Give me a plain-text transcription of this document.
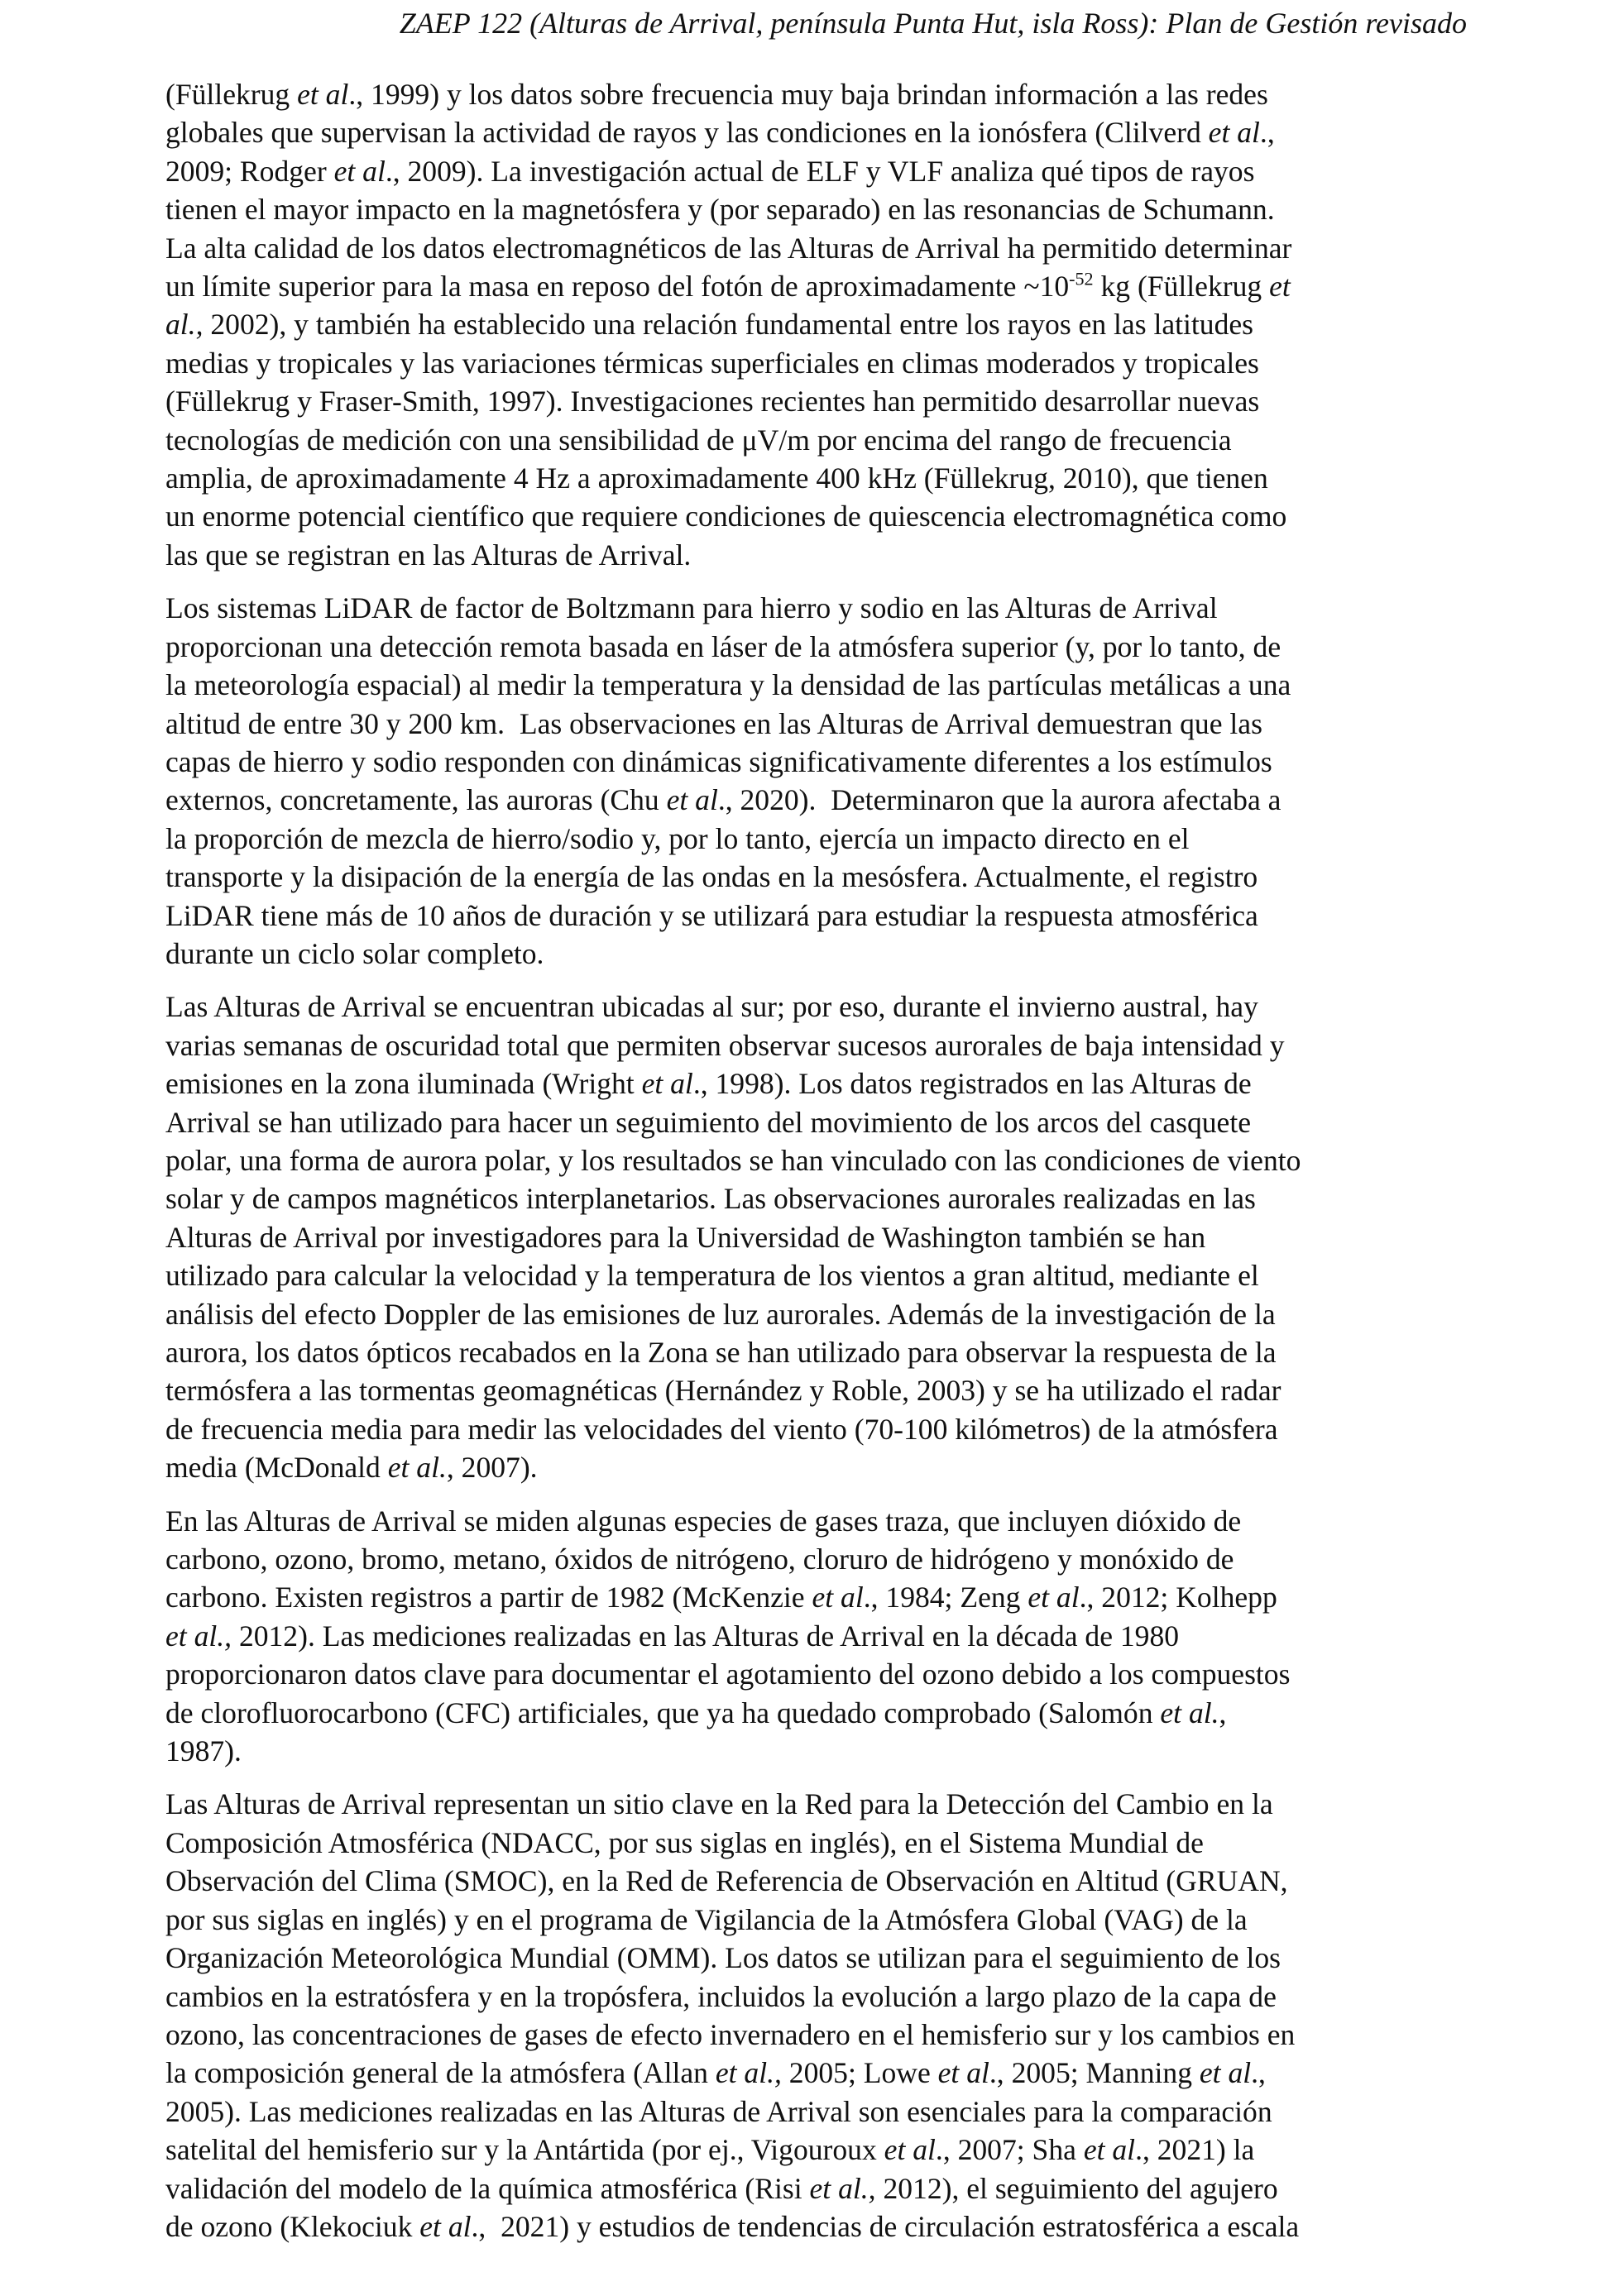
ZAEP 122 (Alturas de Arrival, península Punta Hut, isla Ross): Plan de Gestión revisado

(Füllekrug et al., 1999) y los datos sobre frecuencia muy baja brindan información a las redes
globales que supervisan la actividad de rayos y las condiciones en la ionósfera (Clilverd et al.,
2009; Rodger et al., 2009). La investigación actual de ELF y VLF analiza qué tipos de rayos
tienen el mayor impacto en la magnetósfera y (por separado) en las resonancias de Schumann.
La alta calidad de los datos electromagnéticos de las Alturas de Arrival ha permitido determinar
un límite superior para la masa en reposo del fotón de aproximadamente $\sim 10^{-52}$ kg (Füllekrug et
al., 2002), y también ha establecido una relación fundamental entre los rayos en las latitudes
medias y tropicales y las variaciones térmicas superficiales en climas moderados y tropicales
(Füllekrug y Fraser-Smith, 1997). Investigaciones recientes han permitido desarrollar nuevas
tecnologías de medición con una sensibilidad de μV/m por encima del rango de frecuencia
amplia, de aproximadamente 4 Hz a aproximadamente 400 kHz (Füllekrug, 2010), que tienen
un enorme potencial científico que requiere condiciones de quiescencia electromagnética como
las que se registran en las Alturas de Arrival.

Los sistemas LiDAR de factor de Boltzmann para hierro y sodio en las Alturas de Arrival
proporcionan una detección remota basada en láser de la atmósfera superior (y, por lo tanto, de
la meteorología espacial) al medir la temperatura y la densidad de las partículas metálicas a una
altitud de entre 30 y 200 km.  Las observaciones en las Alturas de Arrival demuestran que las
capas de hierro y sodio responden con dinámicas significativamente diferentes a los estímulos
externos, concretamente, las auroras (Chu et al., 2020).  Determinaron que la aurora afectaba a
la proporción de mezcla de hierro/sodio y, por lo tanto, ejercía un impacto directo en el
transporte y la disipación de la energía de las ondas en la mesósfera. Actualmente, el registro
LiDAR tiene más de 10 años de duración y se utilizará para estudiar la respuesta atmosférica
durante un ciclo solar completo.

Las Alturas de Arrival se encuentran ubicadas al sur; por eso, durante el invierno austral, hay
varias semanas de oscuridad total que permiten observar sucesos aurorales de baja intensidad y
emisiones en la zona iluminada (Wright et al., 1998). Los datos registrados en las Alturas de
Arrival se han utilizado para hacer un seguimiento del movimiento de los arcos del casquete
polar, una forma de aurora polar, y los resultados se han vinculado con las condiciones de viento
solar y de campos magnéticos interplanetarios. Las observaciones aurorales realizadas en las
Alturas de Arrival por investigadores para la Universidad de Washington también se han
utilizado para calcular la velocidad y la temperatura de los vientos a gran altitud, mediante el
análisis del efecto Doppler de las emisiones de luz aurorales. Además de la investigación de la
aurora, los datos ópticos recabados en la Zona se han utilizado para observar la respuesta de la
termósfera a las tormentas geomagnéticas (Hernández y Roble, 2003) y se ha utilizado el radar
de frecuencia media para medir las velocidades del viento (70-100 kilómetros) de la atmósfera
media (McDonald et al., 2007).

En las Alturas de Arrival se miden algunas especies de gases traza, que incluyen dióxido de
carbono, ozono, bromo, metano, óxidos de nitrógeno, cloruro de hidrógeno y monóxido de
carbono. Existen registros a partir de 1982 (McKenzie et al., 1984; Zeng et al., 2012; Kolhepp
et al., 2012). Las mediciones realizadas en las Alturas de Arrival en la década de 1980
proporcionaron datos clave para documentar el agotamiento del ozono debido a los compuestos
de clorofluorocarbono (CFC) artificiales, que ya ha quedado comprobado (Salomón et al.,
1987).

Las Alturas de Arrival representan un sitio clave en la Red para la Detección del Cambio en la
Composición Atmosférica (NDACC, por sus siglas en inglés), en el Sistema Mundial de
Observación del Clima (SMOC), en la Red de Referencia de Observación en Altitud (GRUAN,
por sus siglas en inglés) y en el programa de Vigilancia de la Atmósfera Global (VAG) de la
Organización Meteorológica Mundial (OMM). Los datos se utilizan para el seguimiento de los
cambios en la estratósfera y en la tropósfera, incluidos la evolución a largo plazo de la capa de
ozono, las concentraciones de gases de efecto invernadero en el hemisferio sur y los cambios en
la composición general de la atmósfera (Allan et al., 2005; Lowe et al., 2005; Manning et al.,
2005). Las mediciones realizadas en las Alturas de Arrival son esenciales para la comparación
satelital del hemisferio sur y la Antártida (por ej., Vigouroux et al., 2007; Sha et al., 2021) la
validación del modelo de la química atmosférica (Risi et al., 2012), el seguimiento del agujero
de ozono (Klekociuk et al.,  2021) y estudios de tendencias de circulación estratosférica a escala
